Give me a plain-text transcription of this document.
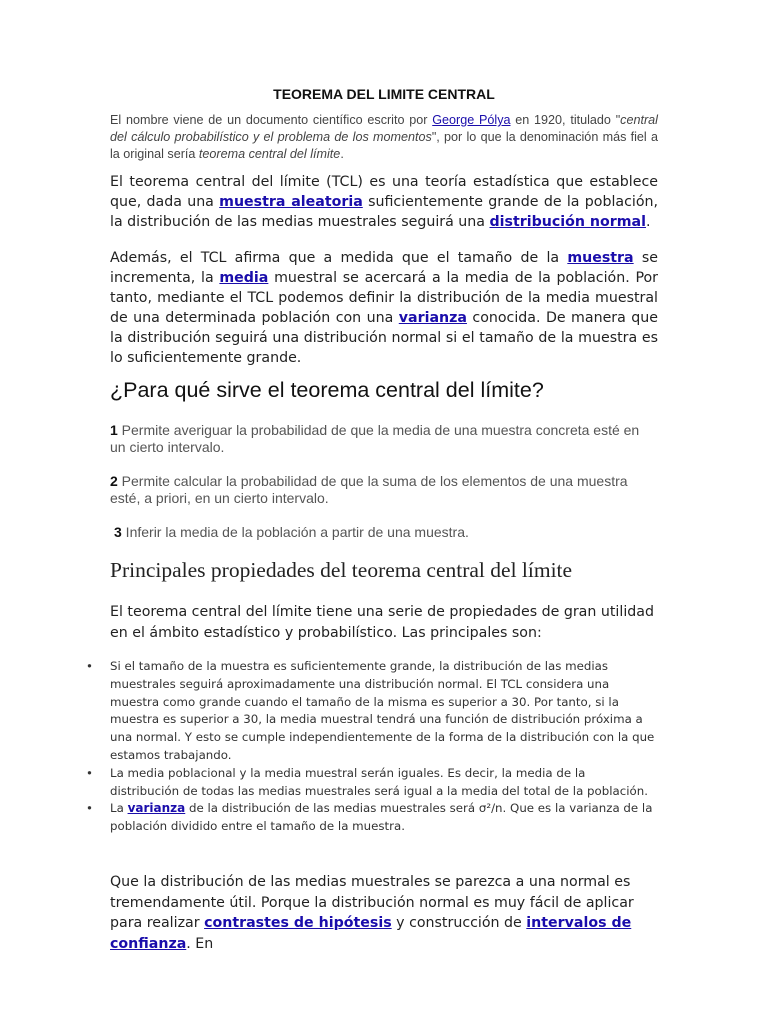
TEOREMA DEL LIMITE CENTRAL

El nombre viene de un documento científico escrito por George Pólya en 1920, titulado "central del cálculo probabilístico y el problema de los momentos", por lo que la denominación más fiel a la original sería teorema central del límite.

El teorema central del límite (TCL) es una teoría estadística que establece que, dada una muestra aleatoria suficientemente grande de la población, la distribución de las medias muestrales seguirá una distribución normal.

Además, el TCL afirma que a medida que el tamaño de la muestra se incrementa, la media muestral se acercará a la media de la población. Por tanto, mediante el TCL podemos definir la distribución de la media muestral de una determinada población con una varianza conocida. De manera que la distribución seguirá una distribución normal si el tamaño de la muestra es lo suficientemente grande.

¿Para qué sirve el teorema central del límite?

1 Permite averiguar la probabilidad de que la media de una muestra concreta esté en un cierto intervalo.

2 Permite calcular la probabilidad de que la suma de los elementos de una muestra esté, a priori, en un cierto intervalo.

3 Inferir la media de la población a partir de una muestra.

Principales propiedades del teorema central del límite

El teorema central del límite tiene una serie de propiedades de gran utilidad en el ámbito estadístico y probabilístico. Las principales son:

• Si el tamaño de la muestra es suficientemente grande, la distribución de las medias muestrales seguirá aproximadamente una distribución normal. El TCL considera una muestra como grande cuando el tamaño de la misma es superior a 30. Por tanto, si la muestra es superior a 30, la media muestral tendrá una función de distribución próxima a una normal. Y esto se cumple independientemente de la forma de la distribución con la que estamos trabajando.
• La media poblacional y la media muestral serán iguales. Es decir, la media de la distribución de todas las medias muestrales será igual a la media del total de la población.
• La varianza de la distribución de las medias muestrales será σ²/n. Que es la varianza de la población dividido entre el tamaño de la muestra.

Que la distribución de las medias muestrales se parezca a una normal es tremendamente útil. Porque la distribución normal es muy fácil de aplicar para realizar contrastes de hipótesis y construcción de intervalos de confianza. En
